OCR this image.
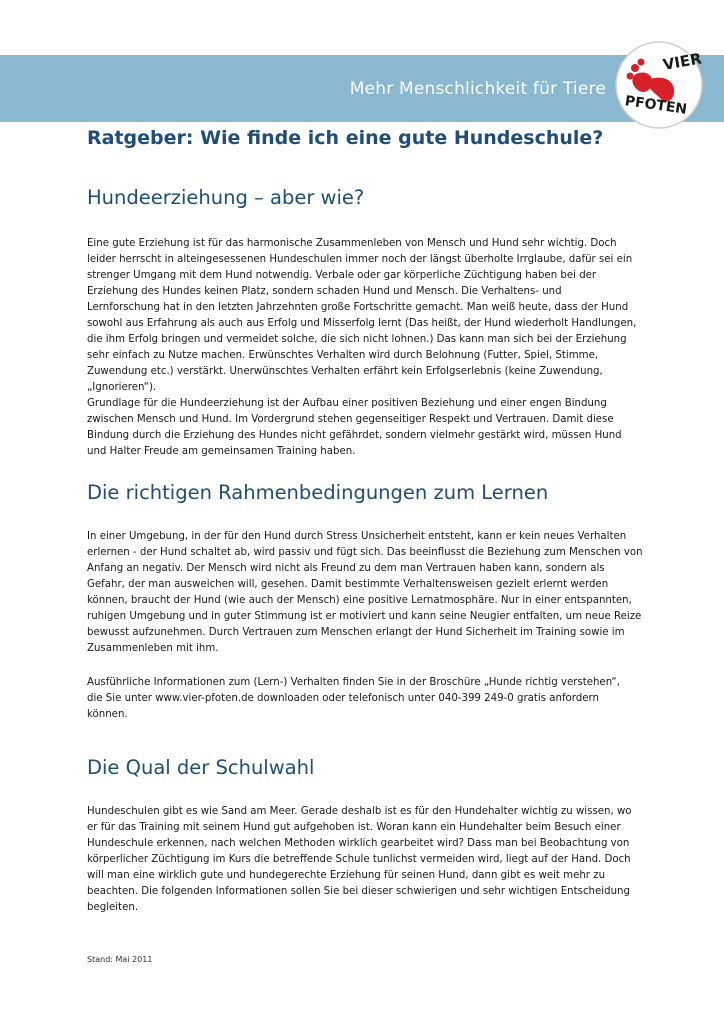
Mehr Menschlichkeit für Tiere
VIER
PFOTEN
Ratgeber: Wie finde ich eine gute Hundeschule?
Hundeerziehung – aber wie?
Eine gute Erziehung ist für das harmonische Zusammenleben von Mensch und Hund sehr wichtig. Doch
leider herrscht in alteingesessenen Hundeschulen immer noch der längst überholte Irrglaube, dafür sei ein
strenger Umgang mit dem Hund notwendig. Verbale oder gar körperliche Züchtigung haben bei der
Erziehung des Hundes keinen Platz, sondern schaden Hund und Mensch. Die Verhaltens- und
Lernforschung hat in den letzten Jahrzehnten große Fortschritte gemacht. Man weiß heute, dass der Hund
sowohl aus Erfahrung als auch aus Erfolg und Misserfolg lernt (Das heißt, der Hund wiederholt Handlungen,
die ihm Erfolg bringen und vermeidet solche, die sich nicht lohnen.) Das kann man sich bei der Erziehung
sehr einfach zu Nutze machen. Erwünschtes Verhalten wird durch Belohnung (Futter, Spiel, Stimme,
Zuwendung etc.) verstärkt. Unerwünschtes Verhalten erfährt kein Erfolgserlebnis (keine Zuwendung,
„Ignorieren“).
Grundlage für die Hundeerziehung ist der Aufbau einer positiven Beziehung und einer engen Bindung
zwischen Mensch und Hund. Im Vordergrund stehen gegenseitiger Respekt und Vertrauen. Damit diese
Bindung durch die Erziehung des Hundes nicht gefährdet, sondern vielmehr gestärkt wird, müssen Hund
und Halter Freude am gemeinsamen Training haben.
Die richtigen Rahmenbedingungen zum Lernen
In einer Umgebung, in der für den Hund durch Stress Unsicherheit entsteht, kann er kein neues Verhalten
erlernen - der Hund schaltet ab, wird passiv und fügt sich. Das beeinflusst die Beziehung zum Menschen von
Anfang an negativ. Der Mensch wird nicht als Freund zu dem man Vertrauen haben kann, sondern als
Gefahr, der man ausweichen will, gesehen. Damit bestimmte Verhaltensweisen gezielt erlernt werden
können, braucht der Hund (wie auch der Mensch) eine positive Lernatmosphäre. Nur in einer entspannten,
ruhigen Umgebung und in guter Stimmung ist er motiviert und kann seine Neugier entfalten, um neue Reize
bewusst aufzunehmen. Durch Vertrauen zum Menschen erlangt der Hund Sicherheit im Training sowie im
Zusammenleben mit ihm.
Ausführliche Informationen zum (Lern-) Verhalten finden Sie in der Broschüre „Hunde richtig verstehen“,
die Sie unter www.vier-pfoten.de downloaden oder telefonisch unter 040-399 249-0 gratis anfordern
können.
Die Qual der Schulwahl
Hundeschulen gibt es wie Sand am Meer. Gerade deshalb ist es für den Hundehalter wichtig zu wissen, wo
er für das Training mit seinem Hund gut aufgehoben ist. Woran kann ein Hundehalter beim Besuch einer
Hundeschule erkennen, nach welchen Methoden wirklich gearbeitet wird? Dass man bei Beobachtung von
körperlicher Züchtigung im Kurs die betreffende Schule tunlichst vermeiden wird, liegt auf der Hand. Doch
will man eine wirklich gute und hundegerechte Erziehung für seinen Hund, dann gibt es weit mehr zu
beachten. Die folgenden Informationen sollen Sie bei dieser schwierigen und sehr wichtigen Entscheidung
begleiten.
Stand: Mai 2011
